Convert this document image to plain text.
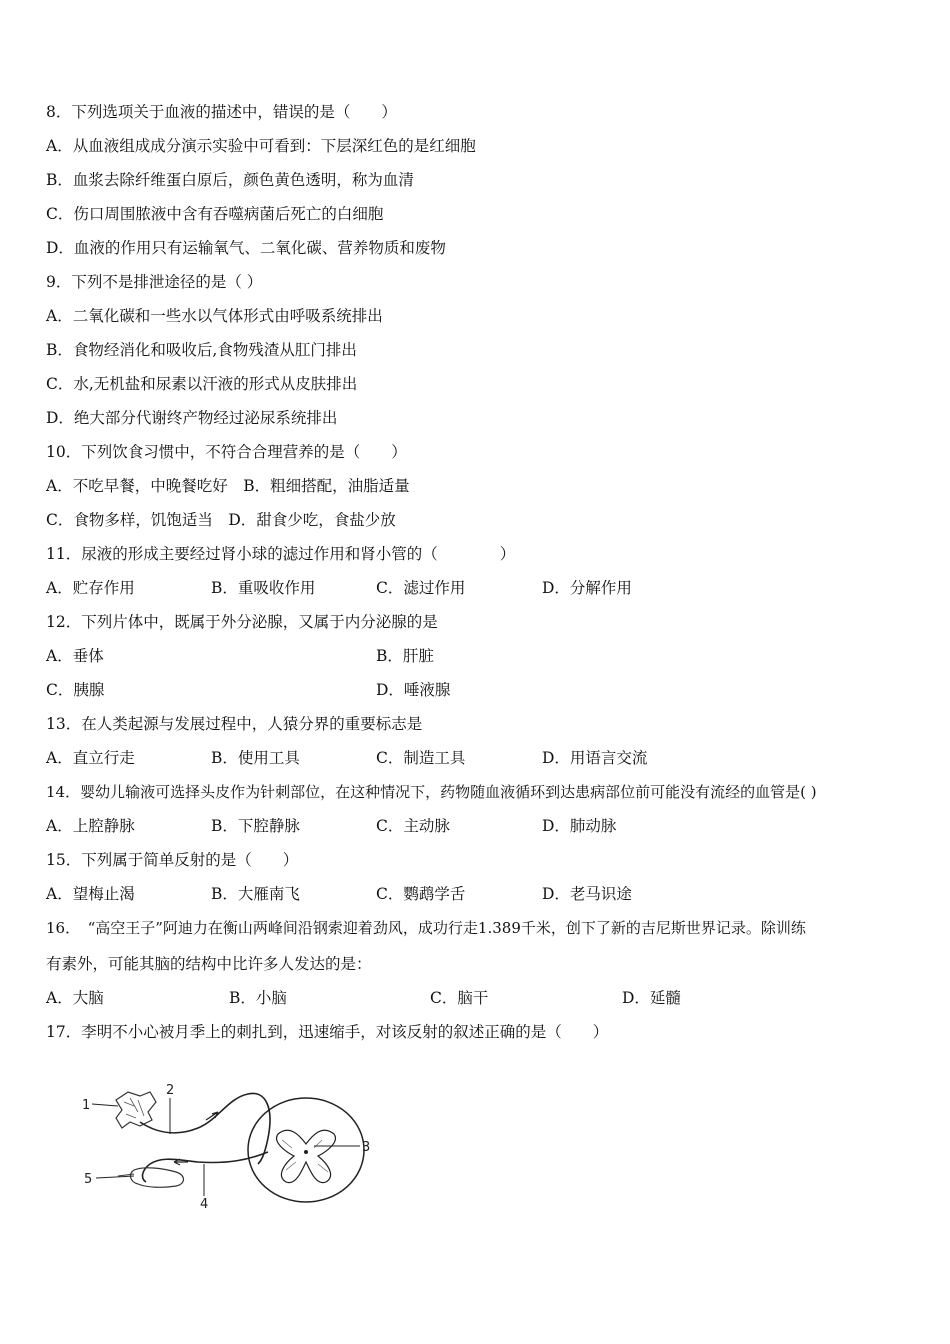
8．下列选项关于血液的描述中，错误的是（　　）
A．从血液组成成分演示实验中可看到：下层深红色的是红细胞
B．血浆去除纤维蛋白原后，颜色黄色透明，称为血清
C．伤口周围脓液中含有吞噬病菌后死亡的白细胞
D．血液的作用只有运输氧气、二氧化碳、营养物质和废物
9．下列不是排泄途径的是（ ）
A．二氧化碳和一些水以气体形式由呼吸系统排出
B．食物经消化和吸收后,食物残渣从肛门排出
C．水,无机盐和尿素以汗液的形式从皮肤排出
D．绝大部分代谢终产物经过泌尿系统排出
10．下列饮食习惯中，不符合合理营养的是（　　）
A．不吃早餐，中晚餐吃好　B．粗细搭配，油脂适量
C．食物多样，饥饱适当　D．甜食少吃，食盐少放
11．尿液的形成主要经过肾小球的滤过作用和肾小管的（　　　　）
A．贮存作用	B．重吸收作用	C．滤过作用	D．分解作用
12．下列片体中，既属于外分泌腺，又属于内分泌腺的是
A．垂体	B．肝脏
C．胰腺	D．唾液腺
13．在人类起源与发展过程中，人猿分界的重要标志是
A．直立行走	B．使用工具	C．制造工具	D．用语言交流
14．婴幼儿输液可选择头皮作为针刺部位，在这种情况下，药物随血液循环到达患病部位前可能没有流经的血管是( )
A．上腔静脉	B．下腔静脉	C．主动脉	D．肺动脉
15．下列属于简单反射的是（　　）
A．望梅止渴	B．大雁南飞	C．鹦鹉学舌	D．老马识途
16．　“高空王子”阿迪力在衡山两峰间沿钢索迎着劲风，成功行走1.389千米，创下了新的吉尼斯世界记录。除训练
有素外，可能其脑的结构中比许多人发达的是：
A．大脑	B．小脑	C．脑干	D．延髓
17．李明不小心被月季上的刺扎到，迅速缩手，对该反射的叙述正确的是（　　）
1
2
3
4
5
